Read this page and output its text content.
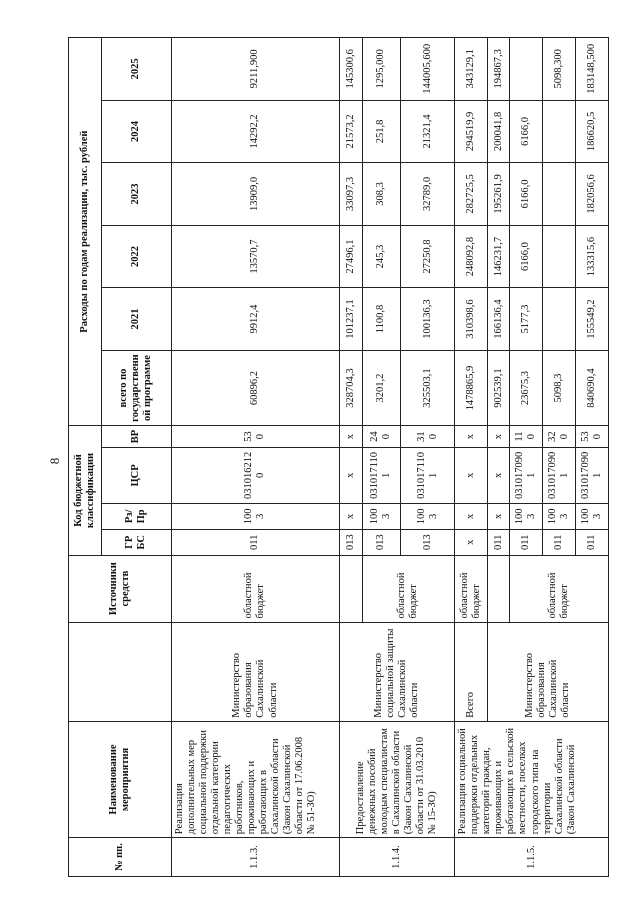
8
№ пп.	Наименование мероприятия		Источники средств	Код бюджетной классификации				Расходы по годам реализации, тыс. рублей					
				ГРБС	Рз/Пр	ЦСР	ВР	всего по государственной программе	2021	2022	2023	2024	2025

1.1.3.	Реализация дополнительных мер социальной поддержки отдельной категории педагогических работников, проживающих и работающих в Сахалинской области (Закон Сахалинской области от 17.06.2008 № 51-ЗО)	Министерство образования Сахалинской области	областной бюджет	011	1003	0310162120	530	60896,2	9912,4	13570,7	13909,0	14292,2	9211,900
1.1.4.	Предоставление денежных пособий молодым специалистам в Сахалинской области (Закон Сахалинской области от 31.03.2010 № 15-ЗО)	Министерство социальной защиты Сахалинской области		013	x	x	x	328704,3	101237,1	27496,1	33097,3	21573,2	145300,6
			областной бюджет	013	1003	0310171101	240	3201,2	1100,8	245,3	308,3	251,8	1295,000
				013	1003	0310171101	310	325503,1	100136,3	27250,8	32789,0	21321,4	144005,600
1.1.5.	Реализация социальной поддержки отдельных категорий граждан, проживающих и работающих в сельской местности, поселках городского типа на территории Сахалинской области (Закон Сахалинской	Всего	областной бюджет	x	x	x	x	1478865,9	310398,6	248092,8	282725,5	294519,9	343129,1
		Министерство образования Сахалинской области		011	x	x	x	902539,1	166136,4	146231,7	195261,9	200041,8	194867,3
			областной бюджет	011	1003	0310170901	110	23675,3	5177,3	6166,0	6166,0	6166,0	
				011	1003	0310170901	320	5098,3					5098,300
				011	1003	0310170901	530	840690,4	155549,2	133315,6	182056,6	186620,5	183148,500
